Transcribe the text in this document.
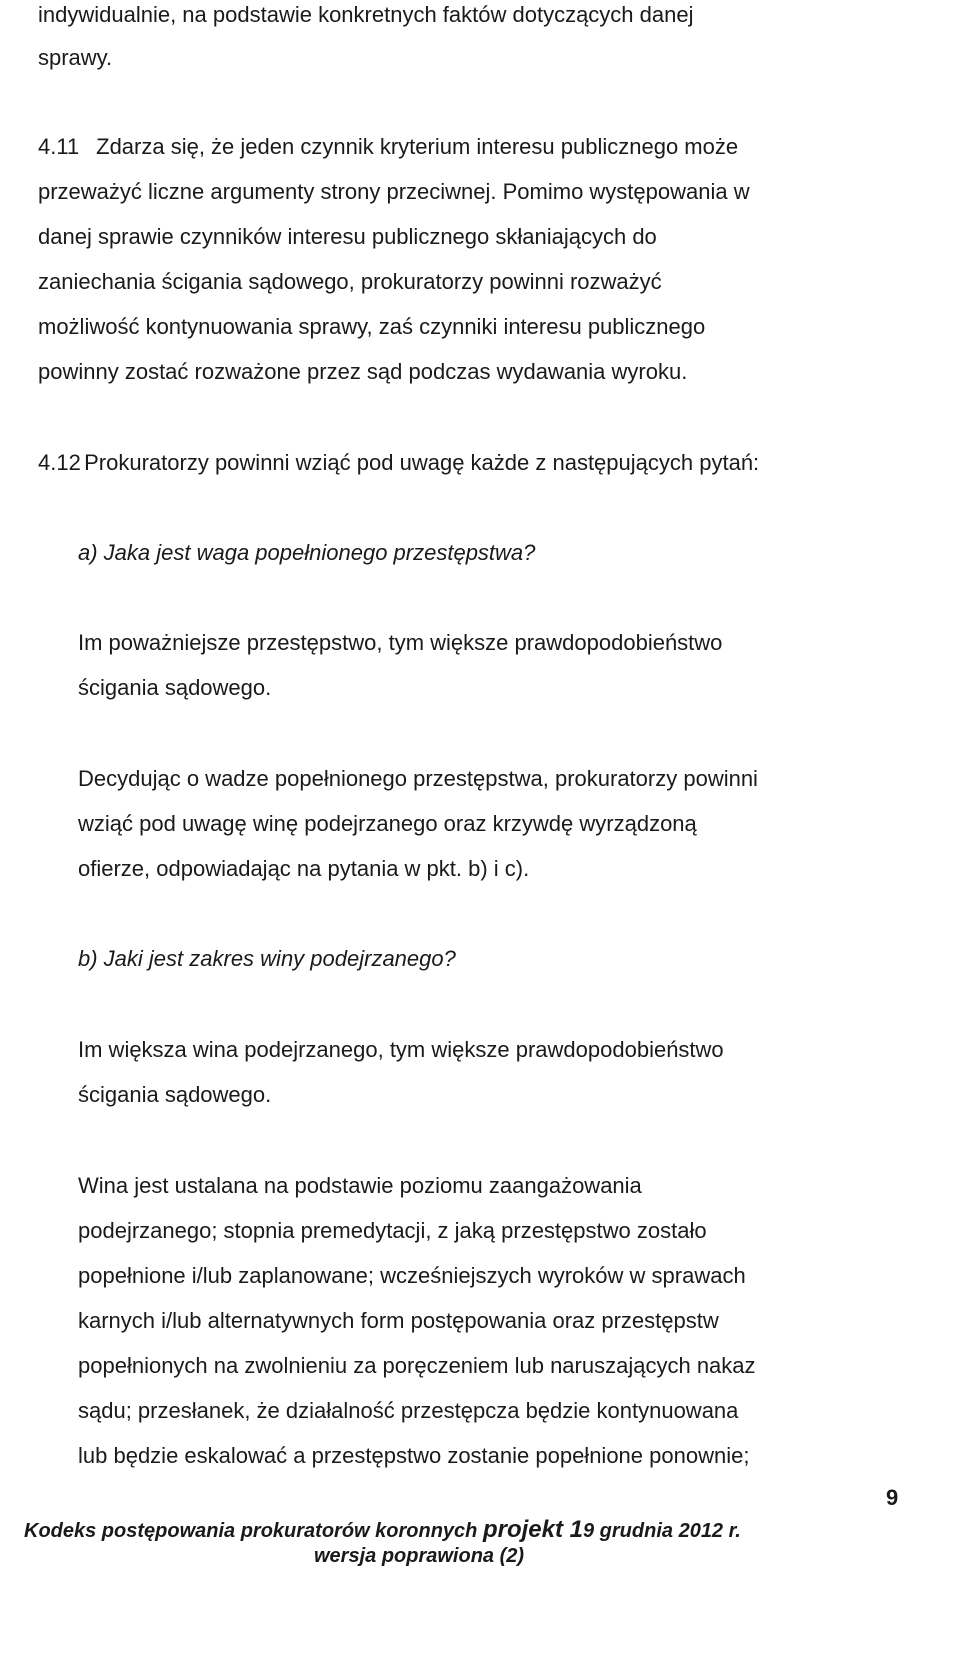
indywidualnie, na podstawie konkretnych faktów dotyczących danej
sprawy.
4.11 Zdarza się, że jeden czynnik kryterium interesu publicznego może
przeważyć liczne argumenty strony przeciwnej. Pomimo występowania w
danej sprawie czynników interesu publicznego skłaniających do
zaniechania ścigania sądowego, prokuratorzy powinni rozważyć
możliwość kontynuowania sprawy, zaś czynniki interesu publicznego
powinny zostać rozważone przez sąd podczas wydawania wyroku.
4.12 Prokuratorzy powinni wziąć pod uwagę każde z następujących pytań:
a) Jaka jest waga popełnionego przestępstwa?
Im poważniejsze przestępstwo, tym większe prawdopodobieństwo
ścigania sądowego.
Decydując o wadze popełnionego przestępstwa, prokuratorzy powinni
wziąć pod uwagę winę podejrzanego oraz krzywdę wyrządzoną
ofierze, odpowiadając na pytania w pkt. b) i c).
b) Jaki jest zakres winy podejrzanego?
Im większa wina podejrzanego, tym większe prawdopodobieństwo
ścigania sądowego.
Wina jest ustalana na podstawie poziomu zaangażowania
podejrzanego; stopnia premedytacji, z jaką przestępstwo zostało
popełnione i/lub zaplanowane; wcześniejszych wyroków w sprawach
karnych i/lub alternatywnych form postępowania oraz przestępstw
popełnionych na zwolnieniu za poręczeniem lub naruszających nakaz
sądu; przesłanek, że działalność przestępcza będzie kontynuowana
lub będzie eskalować a przestępstwo zostanie popełnione ponownie;
9
Kodeks postępowania prokuratorów koronnych projekt 19 grudnia 2012 r.
wersja poprawiona (2)
